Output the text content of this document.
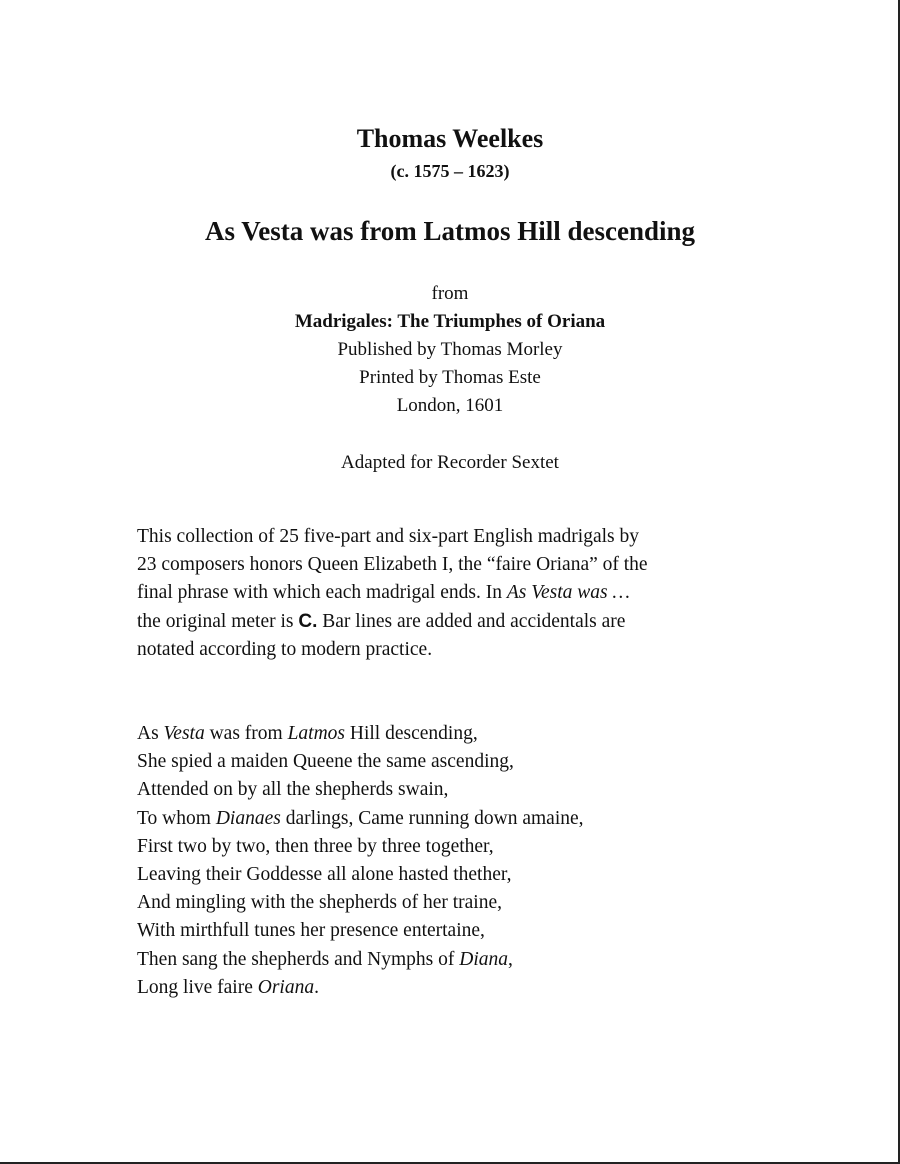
Thomas Weelkes
(c. 1575 – 1623)
As Vesta was from Latmos Hill descending
from
Madrigales: The Triumphes of Oriana
Published by Thomas Morley
Printed by Thomas Este
London, 1601
Adapted for Recorder Sextet
This collection of 25 five-part and six-part English madrigals by
23 composers honors Queen Elizabeth I, the “faire Oriana” of the
final phrase with which each madrigal ends. In As Vesta was …
the original meter is C. Bar lines are added and accidentals are
notated according to modern practice.
As Vesta was from Latmos Hill descending,
She spied a maiden Queene the same ascending,
Attended on by all the shepherds swain,
To whom Dianaes darlings, Came running down amaine,
First two by two, then three by three together,
Leaving their Goddesse all alone hasted thether,
And mingling with the shepherds of her traine,
With mirthfull tunes her presence entertaine,
Then sang the shepherds and Nymphs of Diana,
Long live faire Oriana.
